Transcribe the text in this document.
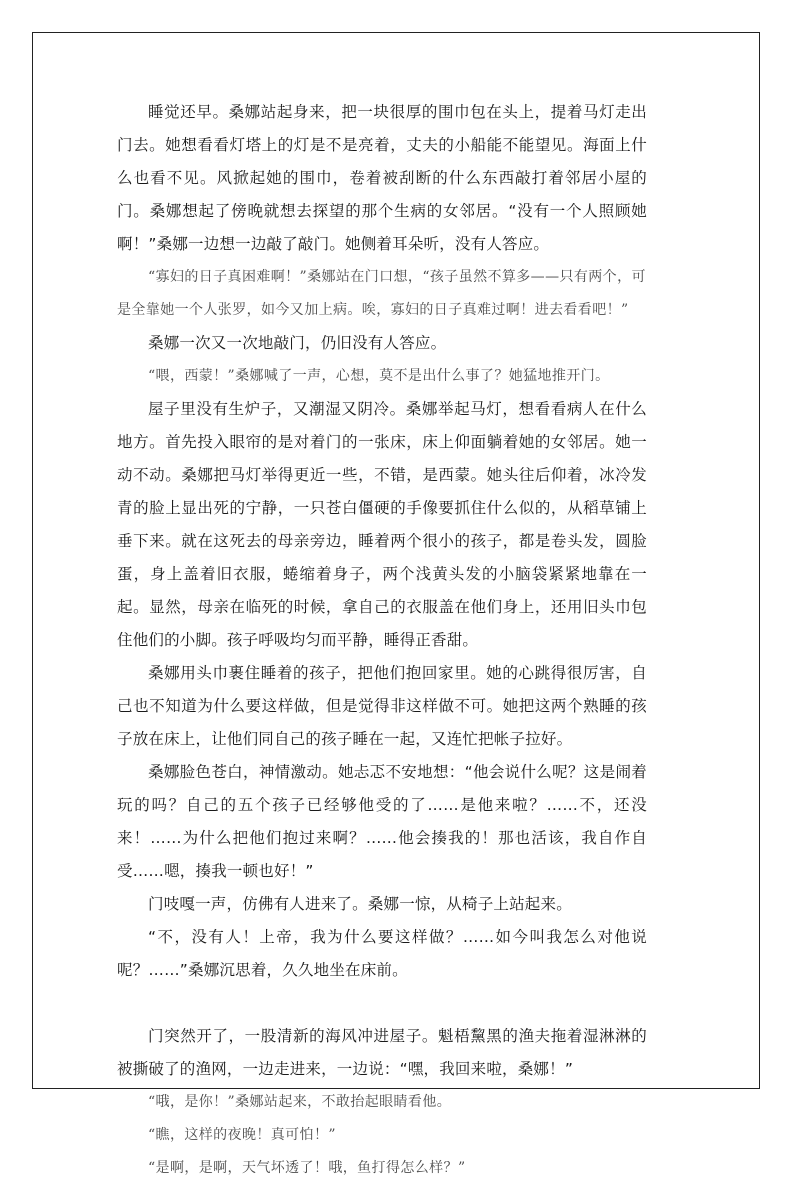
睡觉还早。桑娜站起身来，把一块很厚的围巾包在头上，提着马灯走出门去。她想看看灯塔上的灯是不是亮着，丈夫的小船能不能望见。海面上什么也看不见。风掀起她的围巾，卷着被刮断的什么东西敲打着邻居小屋的门。桑娜想起了傍晚就想去探望的那个生病的女邻居。“没有一个人照顾她啊！”桑娜一边想一边敲了敲门。她侧着耳朵听，没有人答应。

“寡妇的日子真困难啊！”桑娜站在门口想，“孩子虽然不算多——只有两个，可是全靠她一个人张罗，如今又加上病。唉，寡妇的日子真难过啊！进去看看吧！”

桑娜一次又一次地敲门，仍旧没有人答应。

“喂，西蒙！”桑娜喊了一声，心想，莫不是出什么事了？她猛地推开门。

屋子里没有生炉子，又潮湿又阴冷。桑娜举起马灯，想看看病人在什么地方。首先投入眼帘的是对着门的一张床，床上仰面躺着她的女邻居。她一动不动。桑娜把马灯举得更近一些，不错，是西蒙。她头往后仰着，冰冷发青的脸上显出死的宁静，一只苍白僵硬的手像要抓住什么似的，从稻草铺上垂下来。就在这死去的母亲旁边，睡着两个很小的孩子，都是卷头发，圆脸蛋，身上盖着旧衣服，蜷缩着身子，两个浅黄头发的小脑袋紧紧地靠在一起。显然，母亲在临死的时候，拿自己的衣服盖在他们身上，还用旧头巾包住他们的小脚。孩子呼吸均匀而平静，睡得正香甜。

桑娜用头巾裹住睡着的孩子，把他们抱回家里。她的心跳得很厉害，自己也不知道为什么要这样做，但是觉得非这样做不可。她把这两个熟睡的孩子放在床上，让他们同自己的孩子睡在一起，又连忙把帐子拉好。

桑娜脸色苍白，神情激动。她忐忑不安地想：“他会说什么呢？这是闹着玩的吗？自己的五个孩子已经够他受的了……是他来啦？……不，还没来！……为什么把他们抱过来啊？……他会揍我的！那也活该，我自作自受……嗯，揍我一顿也好！”

门吱嘎一声，仿佛有人进来了。桑娜一惊，从椅子上站起来。

“不，没有人！上帝，我为什么要这样做？……如今叫我怎么对他说呢？……”桑娜沉思着，久久地坐在床前。

门突然开了，一股清新的海风冲进屋子。魁梧黧黑的渔夫拖着湿淋淋的被撕破了的渔网，一边走进来，一边说：“嘿，我回来啦，桑娜！”

“哦，是你！”桑娜站起来，不敢抬起眼睛看他。

“瞧，这样的夜晚！真可怕！”

“是啊，是啊，天气坏透了！哦，鱼打得怎么样？”
